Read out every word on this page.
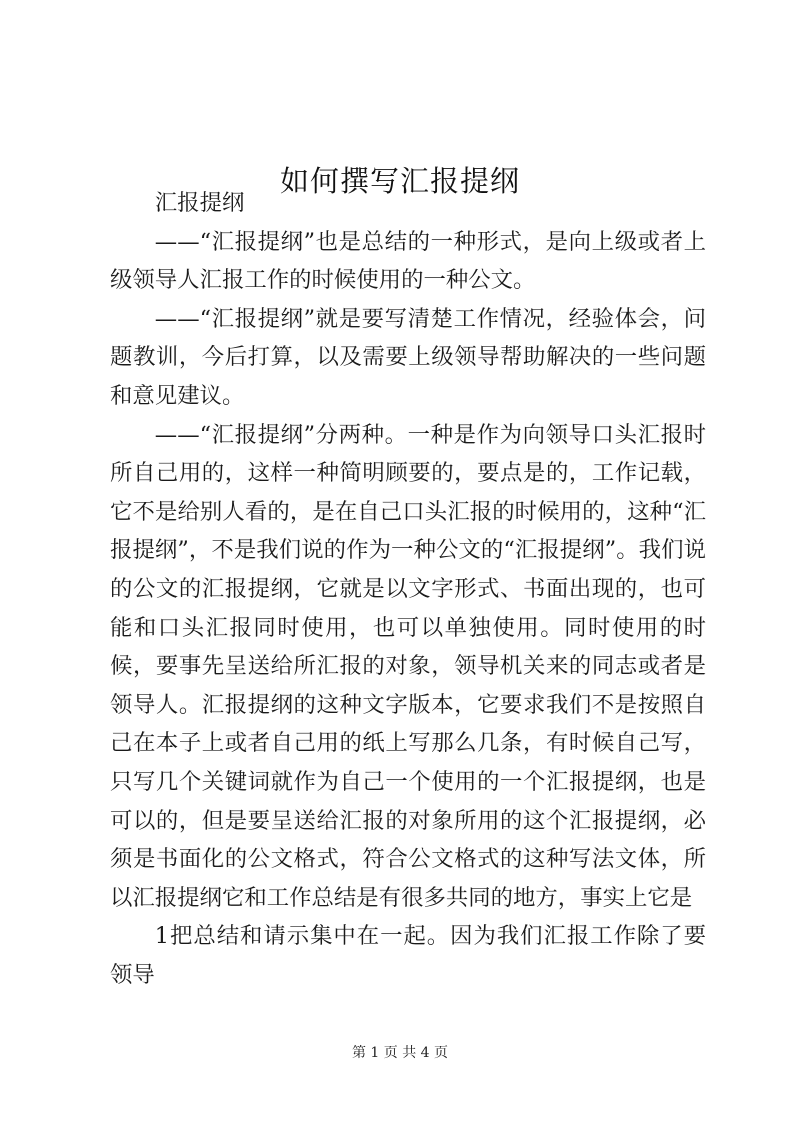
如何撰写汇报提纲

汇报提纲

——“汇报提纲”也是总结的一种形式，是向上级或者上级领导人汇报工作的时候使用的一种公文。

——“汇报提纲”就是要写清楚工作情况，经验体会，问题教训，今后打算，以及需要上级领导帮助解决的一些问题和意见建议。

——“汇报提纲”分两种。一种是作为向领导口头汇报时所自己用的，这样一种简明顾要的，要点是的，工作记载，它不是给别人看的，是在自己口头汇报的时候用的，这种“汇报提纲”，不是我们说的作为一种公文的“汇报提纲”。我们说的公文的汇报提纲，它就是以文字形式、书面出现的，也可能和口头汇报同时使用，也可以单独使用。同时使用的时候，要事先呈送给所汇报的对象，领导机关来的同志或者是领导人。汇报提纲的这种文字版本，它要求我们不是按照自己在本子上或者自己用的纸上写那么几条，有时候自己写，只写几个关键词就作为自己一个使用的一个汇报提纲，也是可以的，但是要呈送给汇报的对象所用的这个汇报提纲，必须是书面化的公文格式，符合公文格式的这种写法文体，所以汇报提纲它和工作总结是有很多共同的地方，事实上它是

1把总结和请示集中在一起。因为我们汇报工作除了要领导

第 1 页 共 4 页
